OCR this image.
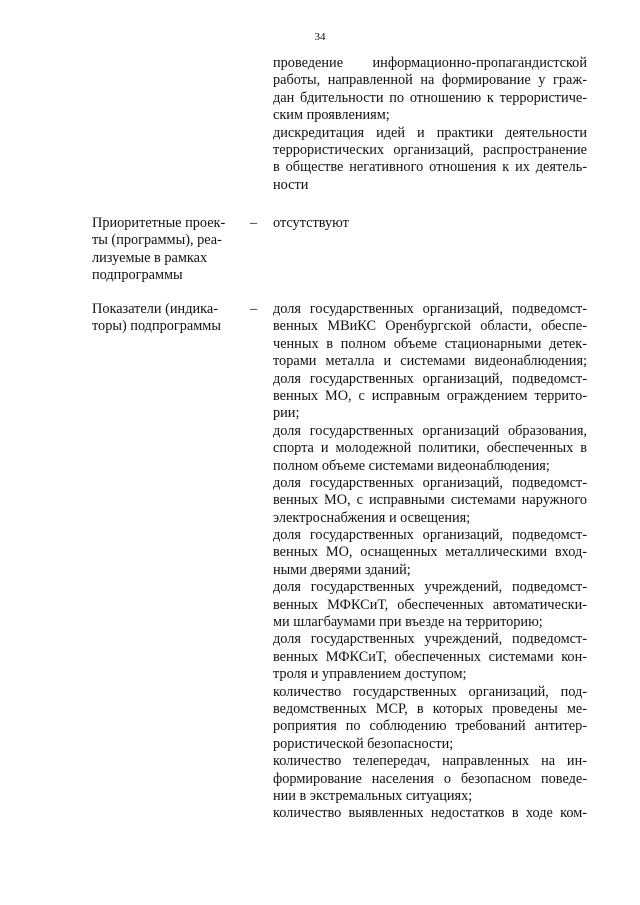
34
проведение информационно-пропагандистской
работы, направленной на формирование у граж-
дан бдительности по отношению к террористиче-
ским проявлениям;
дискредитация идей и практики деятельности
террористических организаций, распространение
в обществе негативного отношения к их деятель-
ности
Приоритетные проек-
ты (программы), реа-
лизуемые в рамках
подпрограммы
– отсутствуют
Показатели (индика-
торы) подпрограммы
– доля государственных организаций, подведомст-
венных МВиКС Оренбургской области, обеспе-
ченных в полном объеме стационарными детек-
торами металла и системами видеонаблюдения;
доля государственных организаций, подведомст-
венных МО, с исправным ограждением террито-
рии;
доля государственных организаций образования,
спорта и молодежной политики, обеспеченных в
полном объеме системами видеонаблюдения;
доля государственных организаций, подведомст-
венных МО, с исправными системами наружного
электроснабжения и освещения;
доля государственных организаций, подведомст-
венных МО, оснащенных металлическими вход-
ными дверями зданий;
доля государственных учреждений, подведомст-
венных МФКСиТ, обеспеченных автоматически-
ми шлагбаумами при въезде на территорию;
доля государственных учреждений, подведомст-
венных МФКСиТ, обеспеченных системами кон-
троля и управлением доступом;
количество государственных организаций, под-
ведомственных МСР, в которых проведены ме-
роприятия по соблюдению требований антитер-
рористической безопасности;
количество телепередач, направленных на ин-
формирование населения о безопасном поведе-
нии в экстремальных ситуациях;
количество выявленных недостатков в ходе ком-
